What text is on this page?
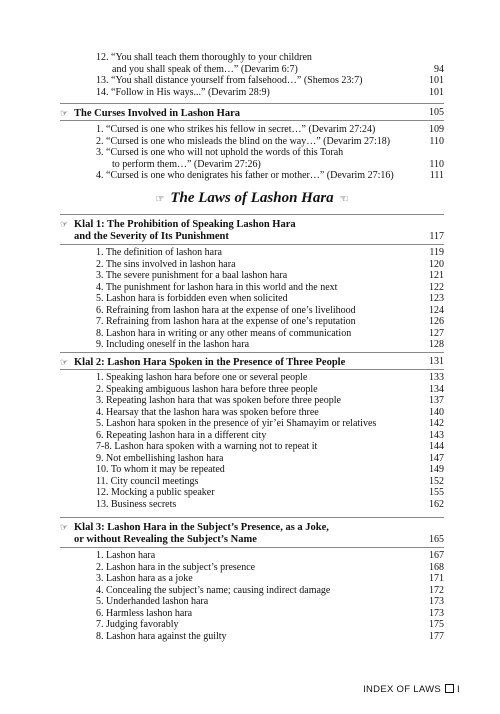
12. “You shall teach them thoroughly to your children
and you shall speak of them…” (Devarim 6:7)	94
13. “You shall distance yourself from falsehood…” (Shemos 23:7)	101
14. “Follow in His ways...” (Devarim 28:9)	101
☞ The Curses Involved in Lashon Hara	105
1. “Cursed is one who strikes his fellow in secret…” (Devarim 27:24)	109
2. “Cursed is one who misleads the blind on the way…” (Devarim 27:18)	110
3. “Cursed is one who will not uphold the words of this Torah
to perform them…” (Devarim 27:26)	110
4. “Cursed is one who denigrates his father or mother…” (Devarim 27:16)	111
☞ The Laws of Lashon Hara ☜
☞ Klal 1: The Prohibition of Speaking Lashon Hara
and the Severity of Its Punishment	117
1. The definition of lashon hara	119
2. The sins involved in lashon hara	120
3. The severe punishment for a baal lashon hara	121
4. The punishment for lashon hara in this world and the next	122
5. Lashon hara is forbidden even when solicited	123
6. Refraining from lashon hara at the expense of one’s livelihood	124
7. Refraining from lashon hara at the expense of one’s reputation	126
8. Lashon hara in writing or any other means of communication	127
9. Including oneself in the lashon hara	128
☞ Klal 2: Lashon Hara Spoken in the Presence of Three People	131
1. Speaking lashon hara before one or several people	133
2. Speaking ambiguous lashon hara before three people	134
3. Repeating lashon hara that was spoken before three people	137
4. Hearsay that the lashon hara was spoken before three	140
5. Lashon hara spoken in the presence of yir’ei Shamayim or relatives	142
6. Repeating lashon hara in a different city	143
7-8. Lashon hara spoken with a warning not to repeat it	144
9. Not embellishing lashon hara	147
10. To whom it may be repeated	149
11. City council meetings	152
12. Mocking a public speaker	155
13. Business secrets	162
☞ Klal 3: Lashon Hara in the Subject’s Presence, as a Joke,
or without Revealing the Subject’s Name	165
1. Lashon hara	167
2. Lashon hara in the subject’s presence	168
3. Lashon hara as a joke	171
4. Concealing the subject’s name; causing indirect damage	172
5. Underhanded lashon hara	173
6. Harmless lashon hara	173
7. Judging favorably	175
8. Lashon hara against the guilty	177
INDEX OF LAWS I
